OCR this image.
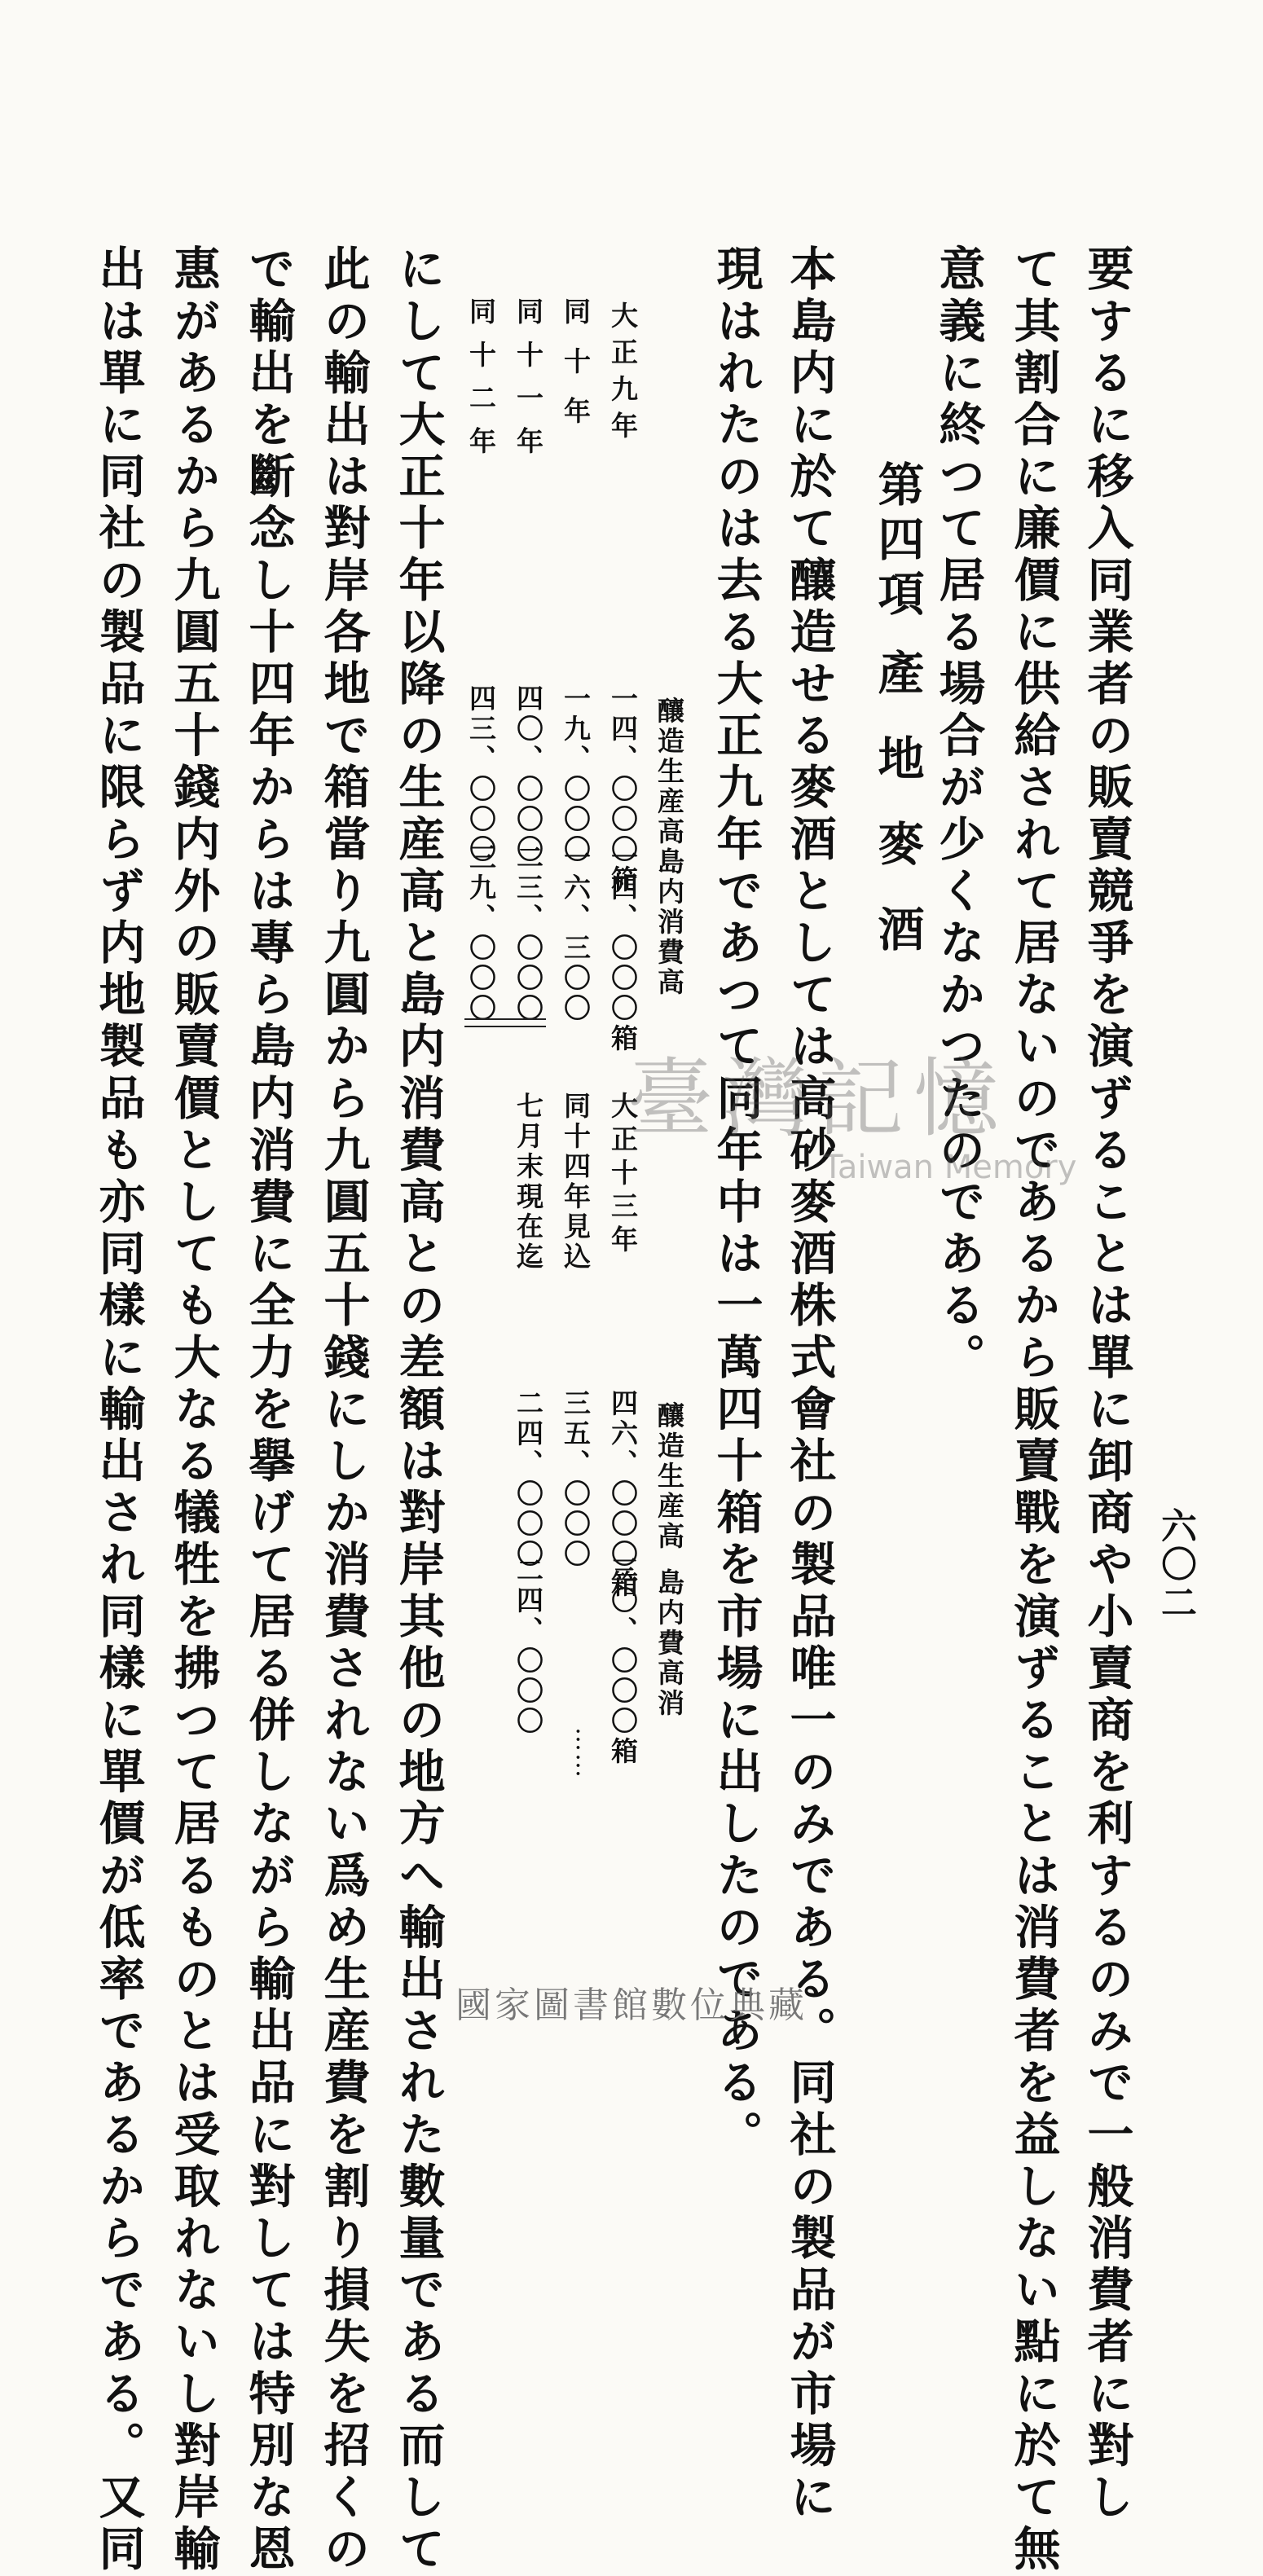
六〇二
要するに移入同業者の販賣競爭を演ずることは單に卸商や小賣商を利するのみで一般消費者に對し
て其割合に廉價に供給されて居ないのであるから販賣戰を演ずることは消費者を益しない點に於て無
意義に終つて居る場合が少くなかつたのである。
第四項產地麥酒
本島内に於て釀造せる麥酒としては高砂麥酒株式會社の製品唯一のみである。同社の製品が市場に
現はれたのは去る大正九年であつて同年中は一萬四十箱を市場に出したのである。
釀造生産高
島内消費高
大正九年
一四、〇〇〇箱
一四、〇〇〇箱
同十年
一九、〇〇〇
一六、三〇〇
同十一年
四〇、〇〇〇
二三、〇〇〇
同十二年
四三、〇〇〇
三九、〇〇〇
釀造生産高
島内費高消
大正十三年
四六、〇〇〇箱
三〇、〇〇〇箱
同十四年見込
三五、〇〇〇
七月末現在迄
二四、〇〇〇
二四、〇〇〇
……
にして大正十年以降の生産高と島内消費高との差額は對岸其他の地方へ輸出された數量である而して
此の輸出は對岸各地で箱當り九圓から九圓五十錢にしか消費されない爲め生産費を割り損失を招くの
で輸出を斷念し十四年からは專ら島内消費に全力を擧げて居る併しながら輸出品に對しては特別な恩
惠があるから九圓五十錢内外の販賣價としても大なる犠牲を拂つて居るものとは受取れないし對岸輸
出は單に同社の製品に限らず内地製品も亦同樣に輸出され同樣に單價が低率であるからである。又同	臺灣記憶
Taiwan Memory
國家圖書館數位典藏
